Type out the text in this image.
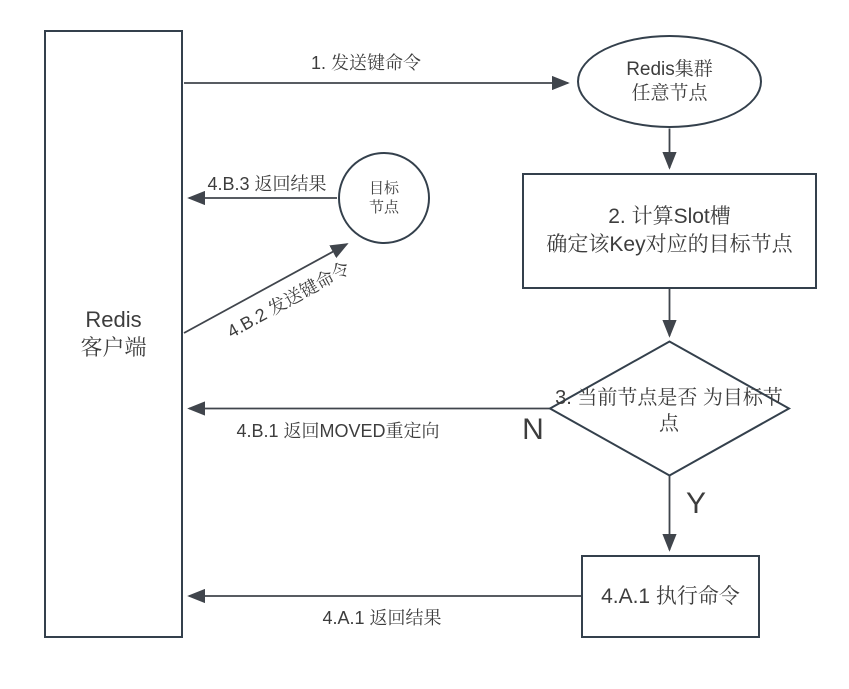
Redis
客户端
Redis集群
任意节点
2. 计算Slot槽
确定该Key对应的目标节点
3. 当前节点是否 为目标节点
4.A.1 执行命令
目标
节点
1. 发送键命令
4.B.3 返回结果
4.B.2 发送键命令
4.B.1 返回MOVED重定向
4.A.1 返回结果
N
Y
